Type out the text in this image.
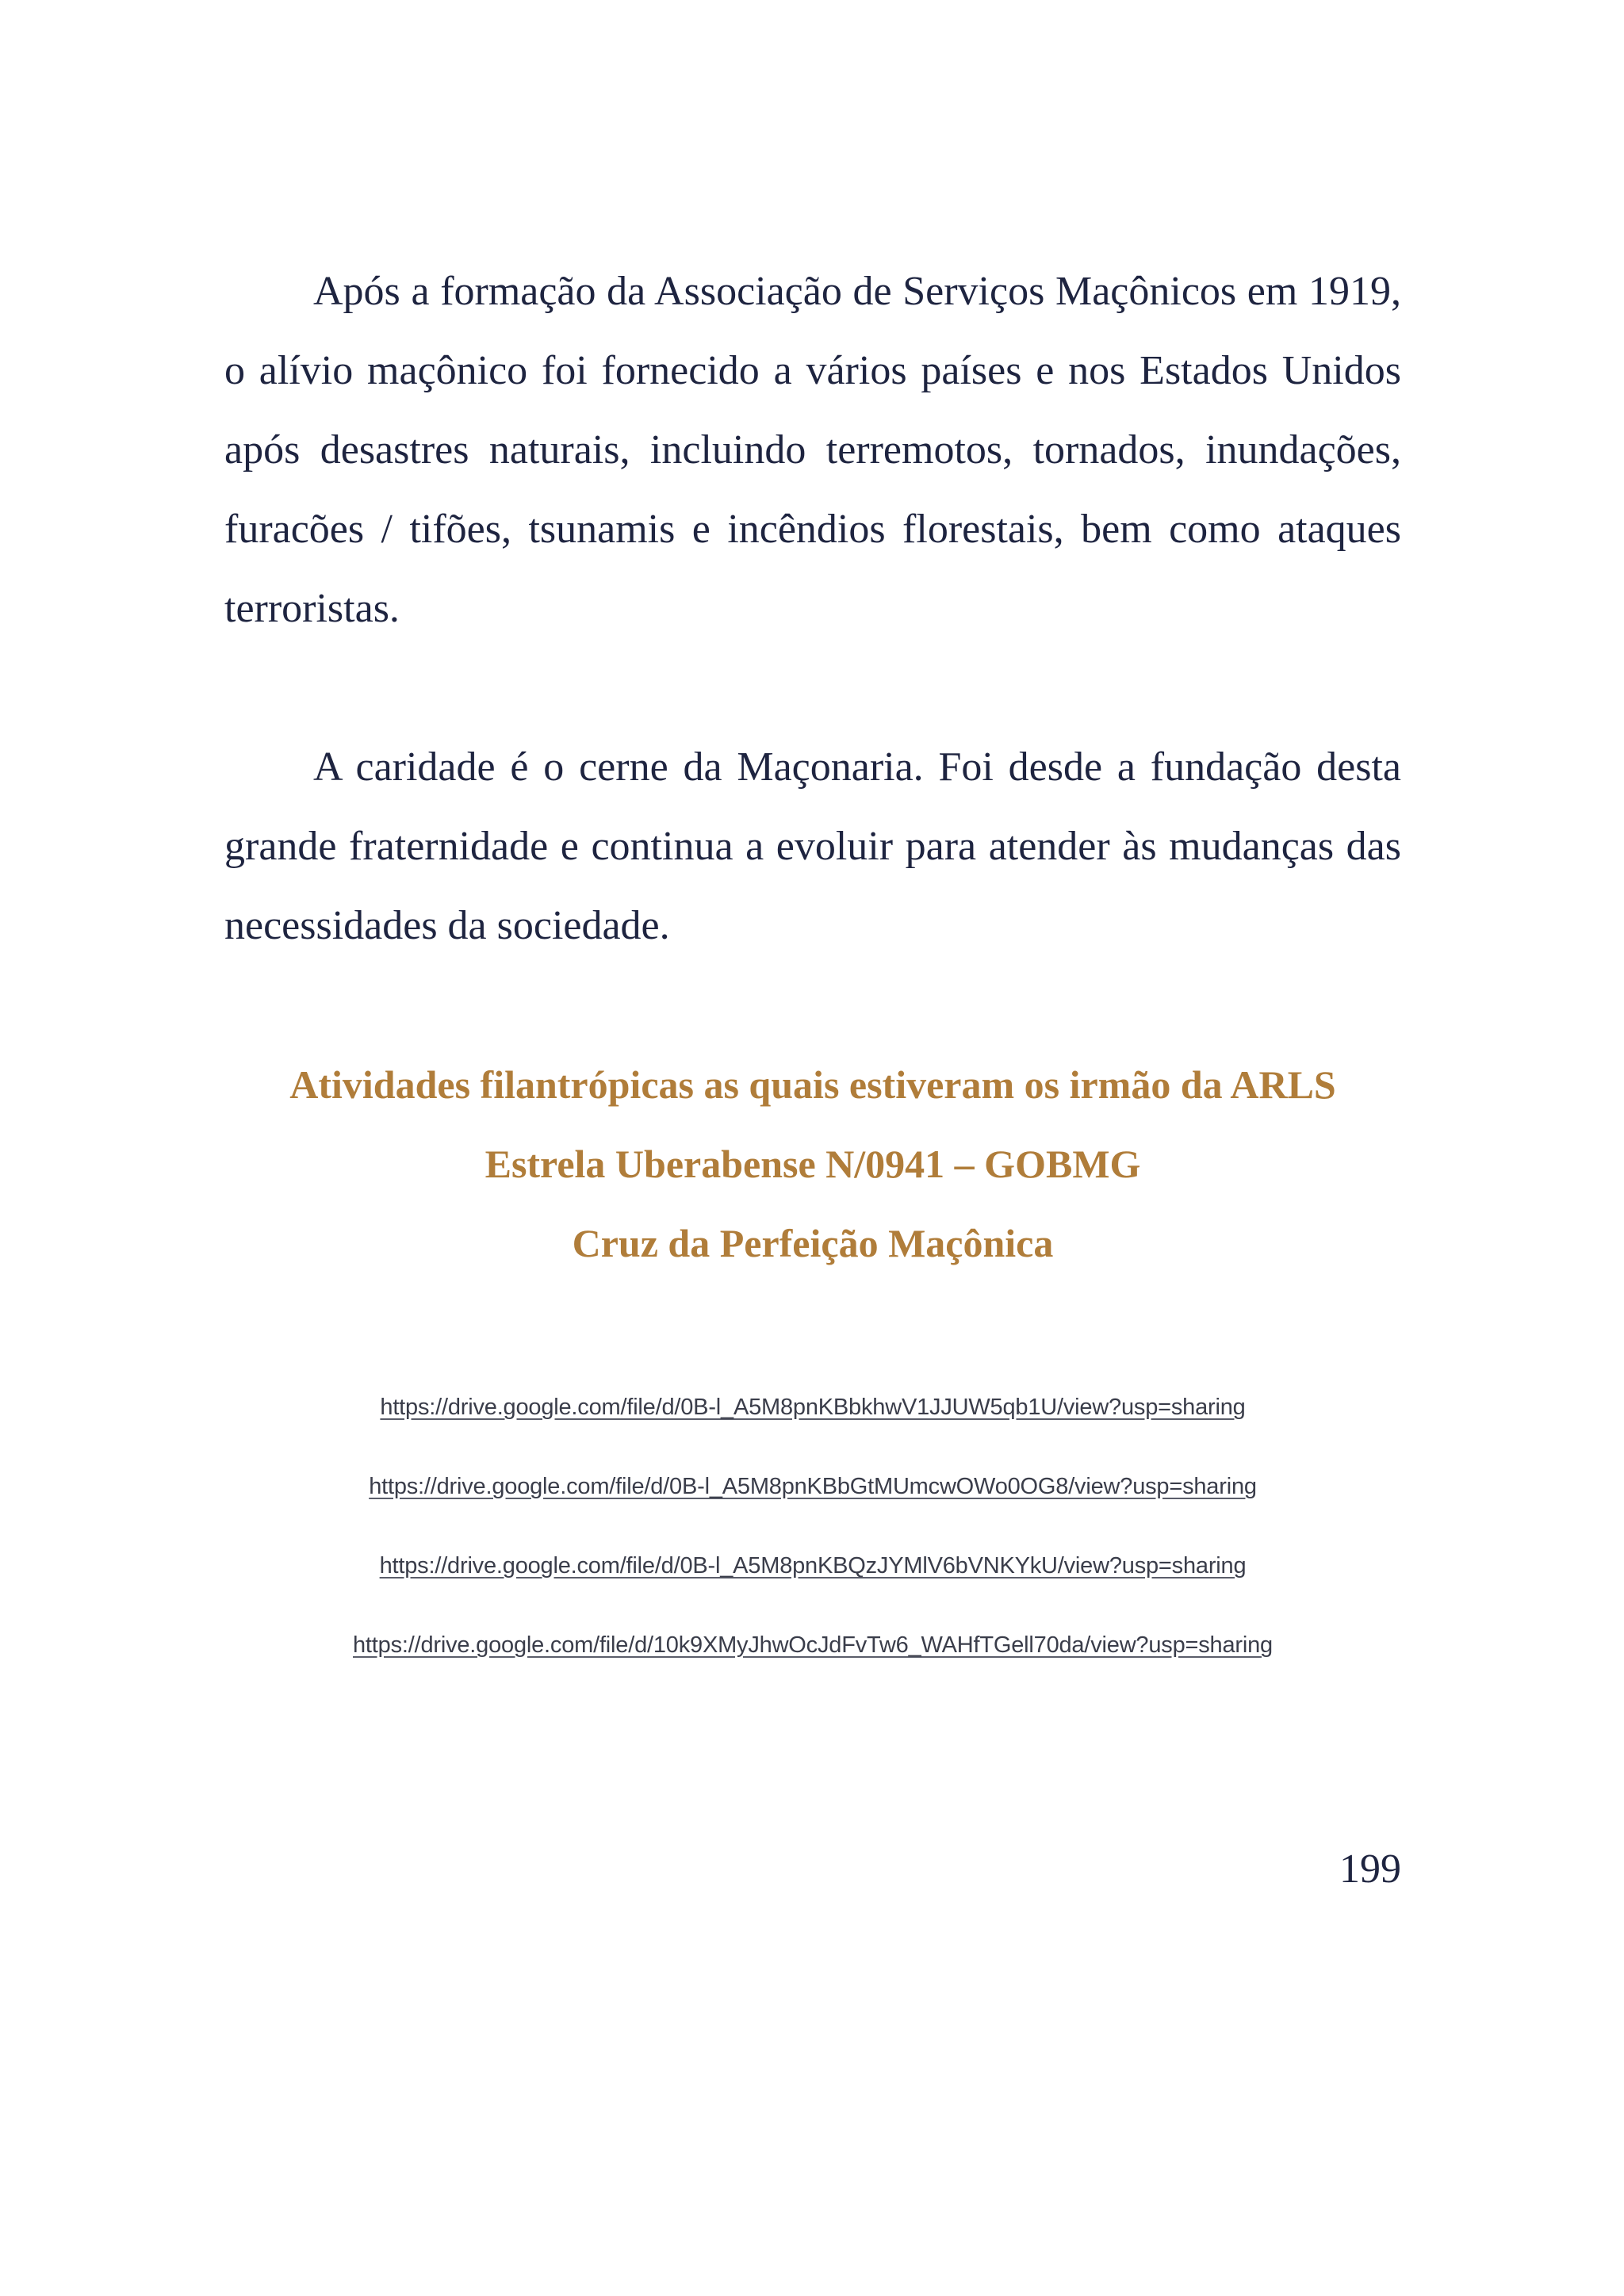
Após a formação da Associação de Serviços Maçônicos em 1919, o alívio maçônico foi fornecido a vários países e nos Estados Unidos após desastres naturais, incluindo terremotos, tornados, inundações, furacões / tifões, tsunamis e incêndios florestais, bem como ataques terroristas.

A caridade é o cerne da Maçonaria. Foi desde a fundação desta grande fraternidade e continua a evoluir para atender às mudanças das necessidades da sociedade.

Atividades filantrópicas as quais estiveram os irmão da ARLS
Estrela Uberabense N/0941 – GOBMG
Cruz da Perfeição Maçônica
https://drive.google.com/file/d/0B-l_A5M8pnKBbkhwV1JJUW5qb1U/view?usp=sharing
https://drive.google.com/file/d/0B-l_A5M8pnKBbGtMUmcwOWo0OG8/view?usp=sharing
https://drive.google.com/file/d/0B-l_A5M8pnKBQzJYMlV6bVNKYkU/view?usp=sharing
https://drive.google.com/file/d/10k9XMyJhwOcJdFvTw6_WAHfTGell70da/view?usp=sharing

199
